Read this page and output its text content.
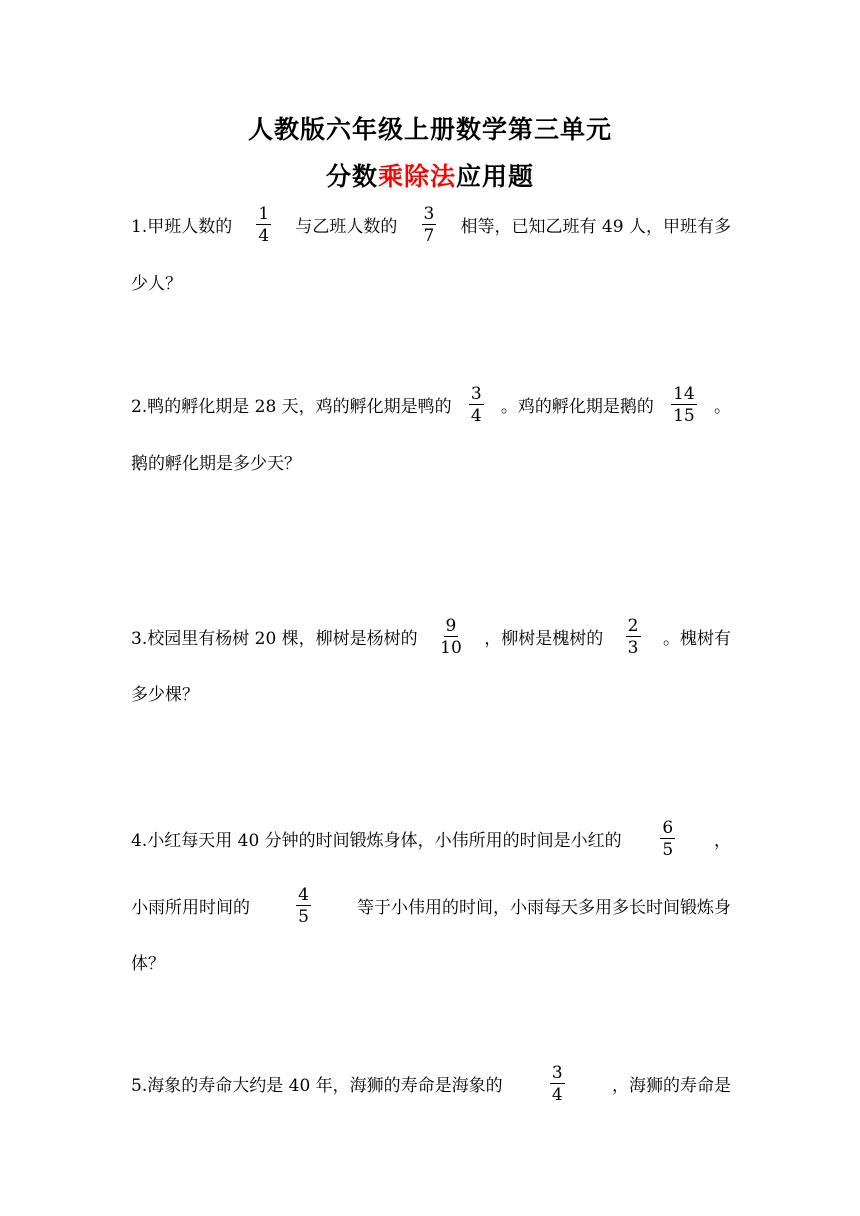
人教版六年级上册数学第三单元
分数乘除法应用题
1.甲班人数的 $\frac{1}{4}$ 与乙班人数的 $\frac{3}{7}$ 相等，已知乙班有 49 人，甲班有多
少人？
2.鸭的孵化期是 28 天，鸡的孵化期是鸭的 $\frac{3}{4}$ 。鸡的孵化期是鹅的 $\frac{14}{15}$ 。
鹅的孵化期是多少天？
3.校园里有杨树 20 棵，柳树是杨树的 $\frac{9}{10}$ ，柳树是槐树的 $\frac{2}{3}$ 。槐树有
多少棵？
4.小红每天用 40 分钟的时间锻炼身体，小伟所用的时间是小红的 $\frac{6}{5}$ ，
小雨所用时间的	$\frac{4}{5}$	等于小伟用的时间，小雨每天多用多长时间锻炼身
体？
5.海象的寿命大约是 40 年，海狮的寿命是海象的	$\frac{3}{4}$	，海狮的寿命是
